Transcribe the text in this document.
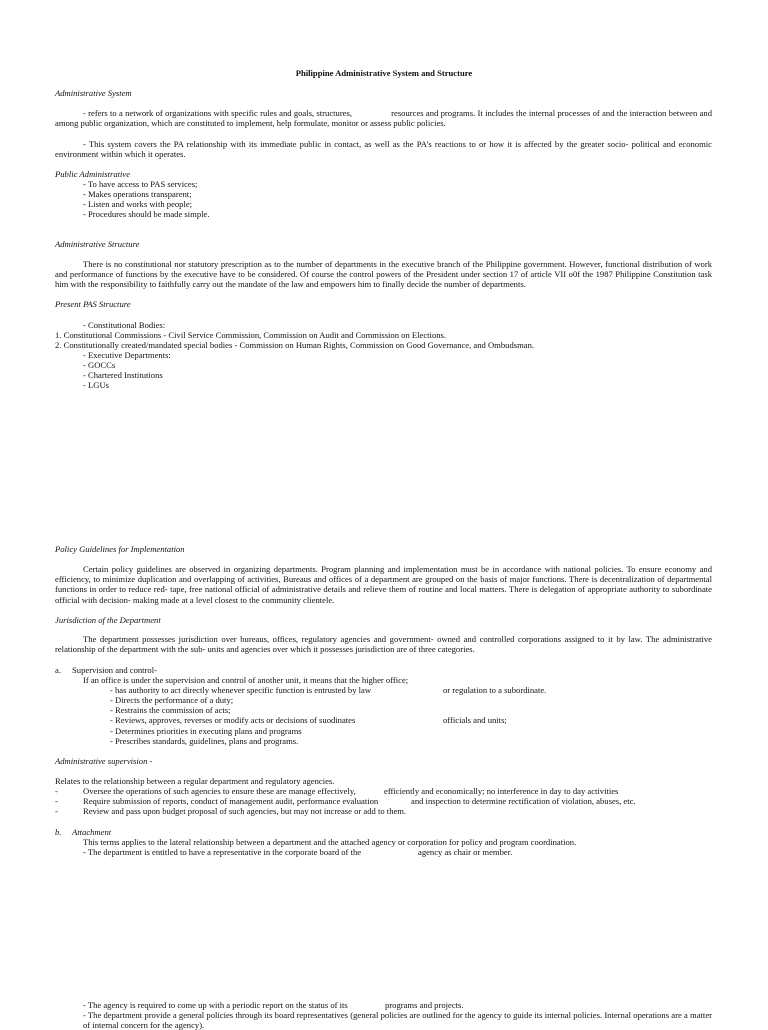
Philippine Administrative System and Structure
Administrative System
- refers to a network of organizations with specific rules and goals, structures,                 resources and programs. It includes the internal processes of and the interaction between and among public organization, which are constituted to implement, help formulate, monitor or assess public policies.
- This system covers the PA relationship with its immediate public in contact, as well as the PA’s reactions to or how it is affected by the greater socio- political and economic environment within which it operates.
Public Administrative
- To have access to PAS services;
- Makes operations transparent;
- Listen and works with people;
- Procedures should be made simple.
Administrative Structure
There is no constitutional nor statutory prescription as to the number of departments in the executive branch of the Philippine government. However, functional distribution of work and performance of functions by the executive have to be considered. Of course the control powers of the President under section 17 of article VII o0f the 1987 Philippine Constitution task him with the responsibility to faithfully carry out the mandate of the law and empowers him to finally decide the number of departments.
Present PAS Structure
- Constitutional Bodies:
1. Constitutional Commissions - Civil Service Commission, Commission on Audit and Commission on Elections.
2. Constitutionally created/mandated special bodies - Commission on Human Rights, Commission on Good Governance, and Ombudsman.
- Executive Departments:
- GOCCs
- Chartered Institutions
- LGUs
Policy Guidelines for Implementation
Certain policy guidelines are observed in organizing departments. Program planning and implementation must be in accordance with national policies. To ensure economy and efficiency, to minimize duplication and overlapping of activities, Bureaus and offices of a department are grouped on the basis of major functions. There is decentralization of departmental functions in order to reduce red- tape, free national official of administrative details and relieve them of routine and local matters. There is delegation of appropriate authority to subordinate official with decision- making made at a level closest to the community clientele.
Jurisdiction of the Department
The department possesses jurisdiction over bureaus, offices, regulatory agencies and government- owned and controlled corporations assigned to it by law. The administrative relationship of the department with the sub- units and agencies over which it possesses jurisdiction are of three categories.
a. Supervision and control-
If an office is under the supervision and control of another unit, it means that the higher office;
- has authority to act directly whenever specific function is entrusted by law	or regulation to a subordinate.
- Directs the performance of a duty;
- Restrains the commission of acts;
- Reviews, approves, reverses or modify acts or decisions of suodinates	officials and units;
- Determines priorities in executing plans and programs
- Prescribes standards, guidelines, plans and programs.
Administrative supervision -
Relates to the relationship between a regular department and regulatory agencies.
-	Oversee the operations of such agencies to ensure these are manage effectively,	efficiently and economically; no interference in day to day activities
-	Require submission of reports, conduct of management audit, performance evaluation	and inspection to determine rectification of violation, abuses, etc.
-	Review and pass upon budget proposal of such agencies, but may not increase or add to them.
b. Attachment
This terms applies to the lateral relationship between a department and the attached agency or corporation for policy and program coordination.
- The department is entitled to have a representative in the corporate board of the	agency as chair or member.
- The agency is required to come up with a periodic report on the status of its	programs and projects.
- The department provide a general policies through its board representatives (general policies are outlined for the agency to guide its internal policies. Internal operations are a matter of internal concern for the agency).
